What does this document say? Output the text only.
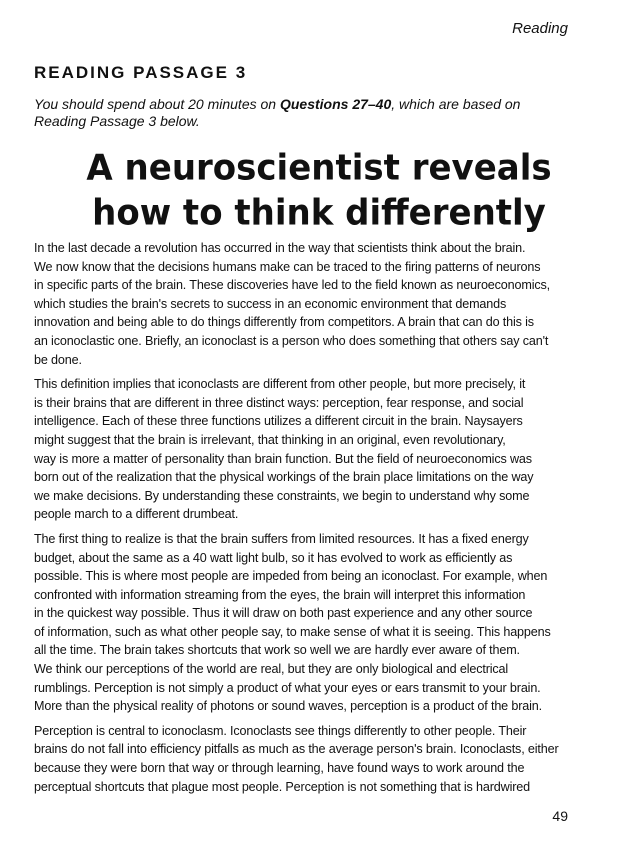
Reading
READING PASSAGE 3
You should spend about 20 minutes on Questions 27–40, which are based on Reading Passage 3 below.
A neuroscientist reveals
how to think differently

In the last decade a revolution has occurred in the way that scientists think about the brain.
We now know that the decisions humans make can be traced to the firing patterns of neurons
in specific parts of the brain. These discoveries have led to the field known as neuroeconomics,
which studies the brain's secrets to success in an economic environment that demands
innovation and being able to do things differently from competitors. A brain that can do this is
an iconoclastic one. Briefly, an iconoclast is a person who does something that others say can't
be done.

This definition implies that iconoclasts are different from other people, but more precisely, it
is their brains that are different in three distinct ways: perception, fear response, and social
intelligence. Each of these three functions utilizes a different circuit in the brain. Naysayers
might suggest that the brain is irrelevant, that thinking in an original, even revolutionary,
way is more a matter of personality than brain function. But the field of neuroeconomics was
born out of the realization that the physical workings of the brain place limitations on the way
we make decisions. By understanding these constraints, we begin to understand why some
people march to a different drumbeat.

The first thing to realize is that the brain suffers from limited resources. It has a fixed energy
budget, about the same as a 40 watt light bulb, so it has evolved to work as efficiently as
possible. This is where most people are impeded from being an iconoclast. For example, when
confronted with information streaming from the eyes, the brain will interpret this information
in the quickest way possible. Thus it will draw on both past experience and any other source
of information, such as what other people say, to make sense of what it is seeing. This happens
all the time. The brain takes shortcuts that work so well we are hardly ever aware of them.
We think our perceptions of the world are real, but they are only biological and electrical
rumblings. Perception is not simply a product of what your eyes or ears transmit to your brain.
More than the physical reality of photons or sound waves, perception is a product of the brain.

Perception is central to iconoclasm. Iconoclasts see things differently to other people. Their
brains do not fall into efficiency pitfalls as much as the average person's brain. Iconoclasts, either
because they were born that way or through learning, have found ways to work around the
perceptual shortcuts that plague most people. Perception is not something that is hardwired

49
